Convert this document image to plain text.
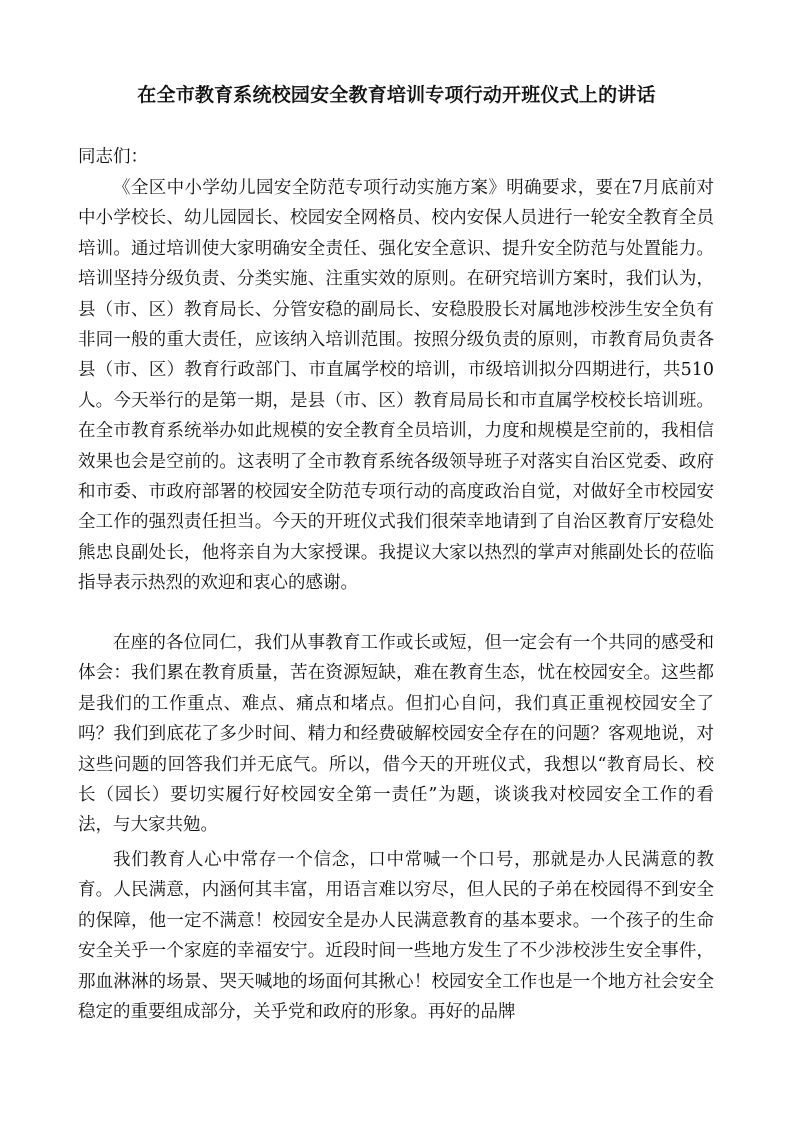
在全市教育系统校园安全教育培训专项行动开班仪式上的讲话
同志们：

《全区中小学幼儿园安全防范专项行动实施方案》明确要求，要在7月底前对中小学校长、幼儿园园长、校园安全网格员、校内安保人员进行一轮安全教育全员培训。通过培训使大家明确安全责任、强化安全意识、提升安全防范与处置能力。培训坚持分级负责、分类实施、注重实效的原则。在研究培训方案时，我们认为，县（市、区）教育局长、分管安稳的副局长、安稳股股长对属地涉校涉生安全负有非同一般的重大责任，应该纳入培训范围。按照分级负责的原则，市教育局负责各县（市、区）教育行政部门、市直属学校的培训，市级培训拟分四期进行，共510人。今天举行的是第一期，是县（市、区）教育局局长和市直属学校校长培训班。在全市教育系统举办如此规模的安全教育全员培训，力度和规模是空前的，我相信效果也会是空前的。这表明了全市教育系统各级领导班子对落实自治区党委、政府和市委、市政府部署的校园安全防范专项行动的高度政治自觉，对做好全市校园安全工作的强烈责任担当。今天的开班仪式我们很荣幸地请到了自治区教育厅安稳处熊忠良副处长，他将亲自为大家授课。我提议大家以热烈的掌声对熊副处长的莅临指导表示热烈的欢迎和衷心的感谢。

在座的各位同仁，我们从事教育工作或长或短，但一定会有一个共同的感受和体会：我们累在教育质量，苦在资源短缺，难在教育生态，忧在校园安全。这些都是我们的工作重点、难点、痛点和堵点。但扪心自问，我们真正重视校园安全了吗？我们到底花了多少时间、精力和经费破解校园安全存在的问题？客观地说，对这些问题的回答我们并无底气。所以，借今天的开班仪式，我想以“教育局长、校长（园长）要切实履行好校园安全第一责任”为题，谈谈我对校园安全工作的看法，与大家共勉。

我们教育人心中常存一个信念，口中常喊一个口号，那就是办人民满意的教育。人民满意，内涵何其丰富，用语言难以穷尽，但人民的子弟在校园得不到安全的保障，他一定不满意！校园安全是办人民满意教育的基本要求。一个孩子的生命安全关乎一个家庭的幸福安宁。近段时间一些地方发生了不少涉校涉生安全事件，那血淋淋的场景、哭天喊地的场面何其揪心！校园安全工作也是一个地方社会安全稳定的重要组成部分，关乎党和政府的形象。再好的品牌
